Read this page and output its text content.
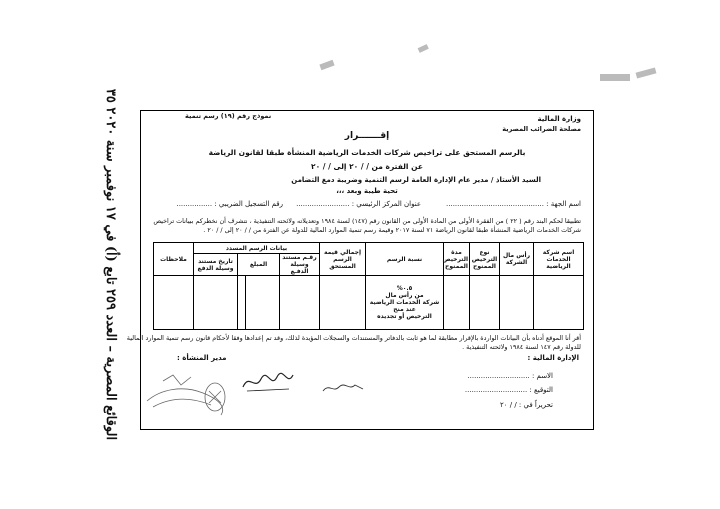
الوقائع المصرية – العدد ٢٥٩ تابع (أ) في ١٧ نوفمبر سنة ٢٠٢٠ ٣٥
وزارة المالية
مصلحة الضرائب المصرية
نموذج رقم (١٩) رسم تنمية
إقـــــــرار
بالرسم المستحق على تراخيص شركات الخدمات الرياضية المنشأة طبقا لقانون الرياضة
عن الفترة من / / ٢٠ إلى / / ٢٠
السيد الأستاذ / مدير عام الإدارة العامة لرسم التنمية وضريبة دمغ التضامن
تحية طيبة وبعد ،،،
اسم الجهة : ............................................
عنوان المركز الرئيسي : ........................
رقم التسجيل الضريبي : ................
تطبيقا لحكم البند رقم ( ٢٢ ) من الفقرة الأولى من المادة الأولى من القانون رقم (١٤٧) لسنة ١٩٨٤ وتعديلاته ولائحته التنفيذية ، نتشرف أن نخطركم ببيانات تراخيص
شركات الخدمات الرياضية المنشأة طبقا لقانون الرياضة ٧١ لسنة ٢٠١٧ وقيمة رسم تنمية الموارد المالية للدولة عن الفترة من / / ٢٠ إلى / / ٢٠ .
اسم شركة الخدمات الرياضية	رأس مال الشركة	نوع الترخيص الممنوح	مدة الترخيص الممنوح	نسبة الرسم	إجمالي قيمة الرسم المستحق	بيانات الرسم المسدد				ملاحظات
						رقـم مستند وسيلة الدفـع	المبلغ		تاريخ مستند وسيلة الدفع	

				٠.٥%
من رأس مال
شركة الخدمات الرياضية
عند منح
الترخيص أو تجديده						

أقر أنا الموقع أدناه بأن البيانات الواردة بالإقرار مطابقة لما هو ثابت بالدفاتر والمستندات والسجلات المؤيدة لذلك، وقد تم إعدادها وفقا لأحكام قانون رسم تنمية الموارد المالية
للدولة رقم ١٤٧ لسنة ١٩٨٤ ولائحته التنفيذية .
الإدارة المالية :
مدير المنشأة :
الاسم : ............................
التوقيع : ............................
تحريراً في : / / ٢٠
